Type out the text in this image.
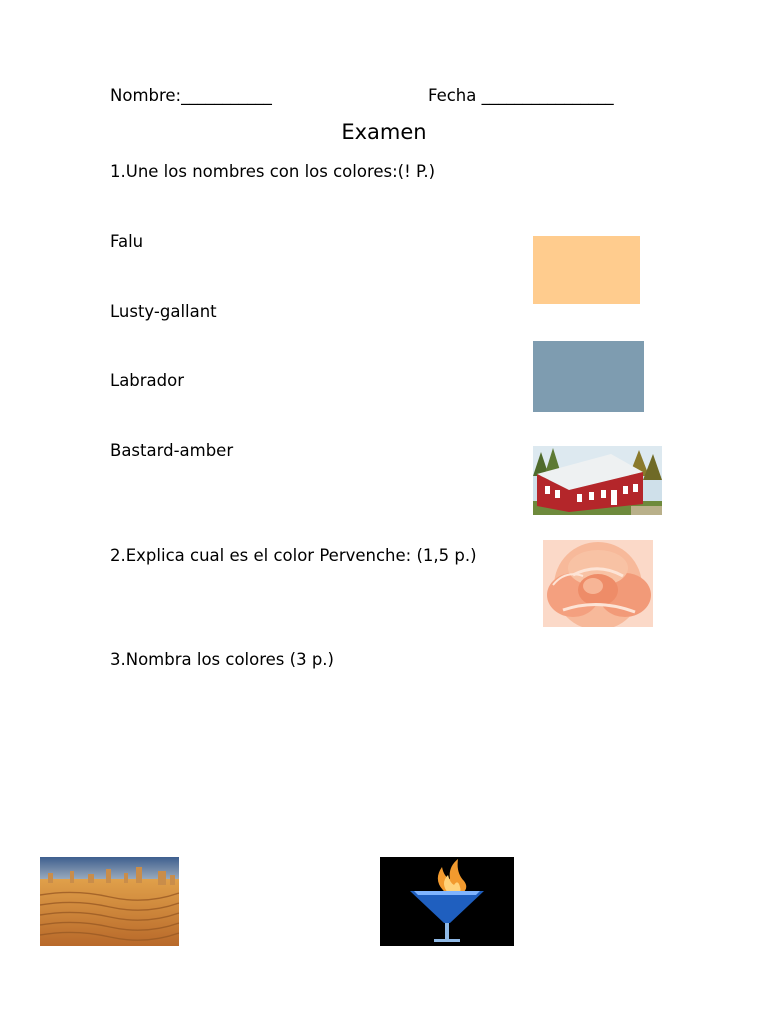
Nombre:___________	Fecha ________________
Examen
1.Une los nombres con los colores:(! P.)
Falu
Lusty-gallant
Labrador
Bastard-amber
2.Explica cual es el color Pervenche: (1,5 p.)
3.Nombra los colores (3 p.)
